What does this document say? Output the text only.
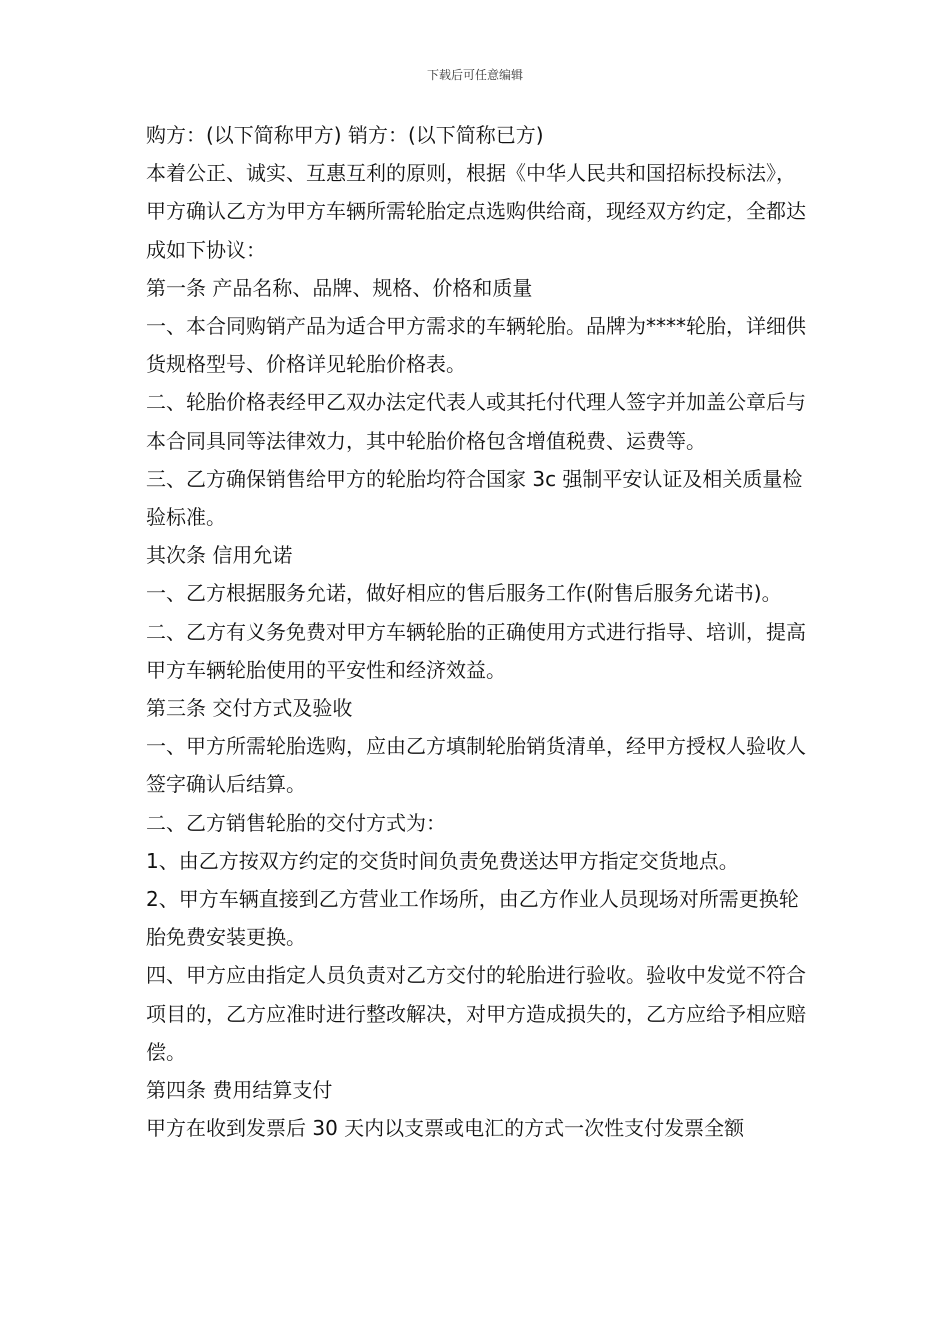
下载后可任意编辑

购方：(以下简称甲方) 销方：(以下简称已方)

本着公正、诚实、互惠互利的原则，根据《中华人民共和国招标投标法》，甲方确认乙方为甲方车辆所需轮胎定点选购供给商，现经双方约定，全都达成如下协议：

第一条 产品名称、品牌、规格、价格和质量

一、本合同购销产品为适合甲方需求的车辆轮胎。品牌为****轮胎，详细供货规格型号、价格详见轮胎价格表。

二、轮胎价格表经甲乙双办法定代表人或其托付代理人签字并加盖公章后与本合同具同等法律效力，其中轮胎价格包含增值税费、运费等。

三、乙方确保销售给甲方的轮胎均符合国家 3c 强制平安认证及相关质量检验标准。

其次条 信用允诺

一、乙方根据服务允诺，做好相应的售后服务工作(附售后服务允诺书)。

二、乙方有义务免费对甲方车辆轮胎的正确使用方式进行指导、培训，提高甲方车辆轮胎使用的平安性和经济效益。

第三条 交付方式及验收

一、甲方所需轮胎选购，应由乙方填制轮胎销货清单，经甲方授权人验收人签字确认后结算。

二、乙方销售轮胎的交付方式为：

1、由乙方按双方约定的交货时间负责免费送达甲方指定交货地点。

2、甲方车辆直接到乙方营业工作场所，由乙方作业人员现场对所需更换轮胎免费安装更换。

四、甲方应由指定人员负责对乙方交付的轮胎进行验收。验收中发觉不符合项目的，乙方应准时进行整改解决，对甲方造成损失的，乙方应给予相应赔偿。

第四条 费用结算支付

甲方在收到发票后 30 天内以支票或电汇的方式一次性支付发票全额
